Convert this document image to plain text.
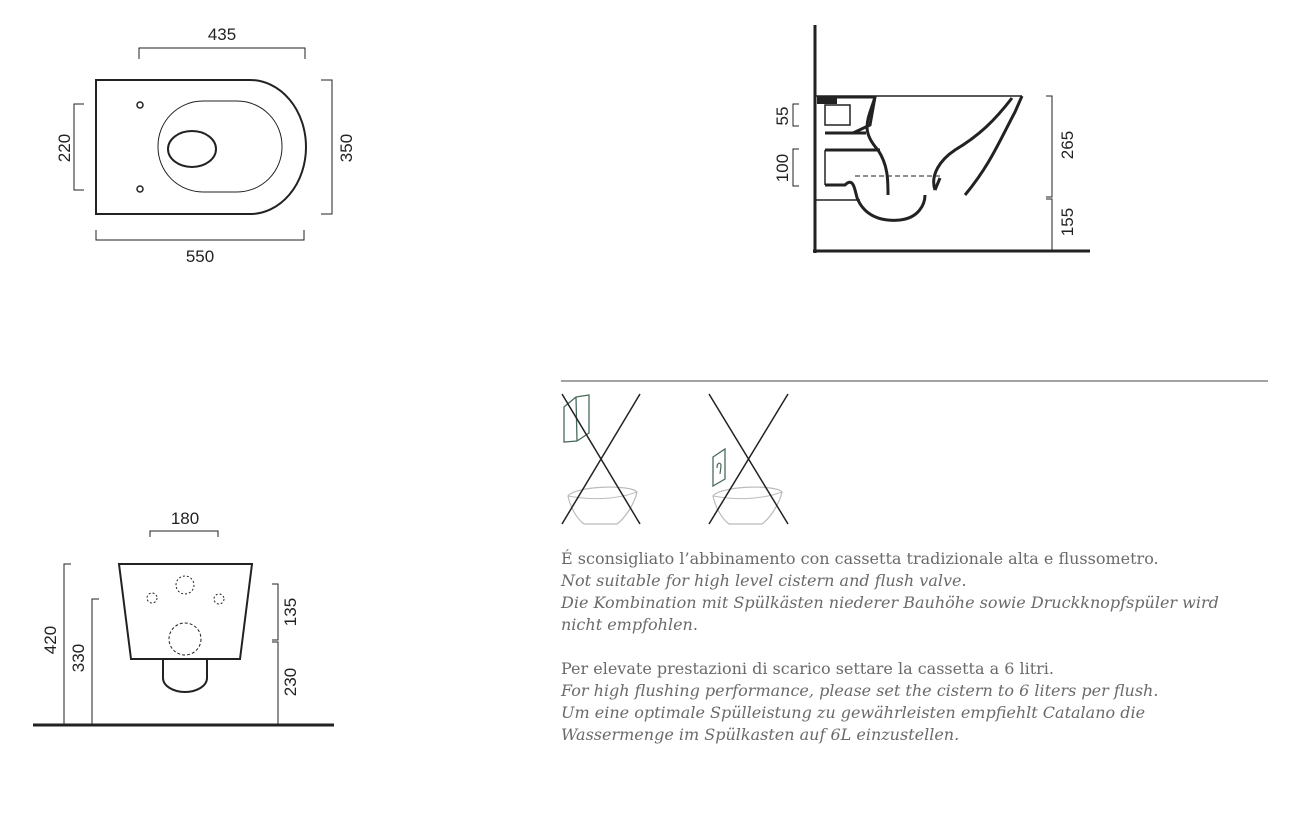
435
550
220	350
55
100
265
155
180
420
330
135
230
É sconsigliato l’abbinamento con cassetta tradizionale alta e flussometro.
Not suitable for high level cistern and flush valve.
Die Kombination mit Spülkästen niederer Bauhöhe sowie Druckknopfspüler wird
nicht empfohlen.
Per elevate prestazioni di scarico settare la cassetta a 6 litri.
For high flushing performance, please set the cistern to 6 liters per flush.
Um eine optimale Spülleistung zu gewährleisten empfiehlt Catalano die
Wassermenge im Spülkasten auf 6L einzustellen.
